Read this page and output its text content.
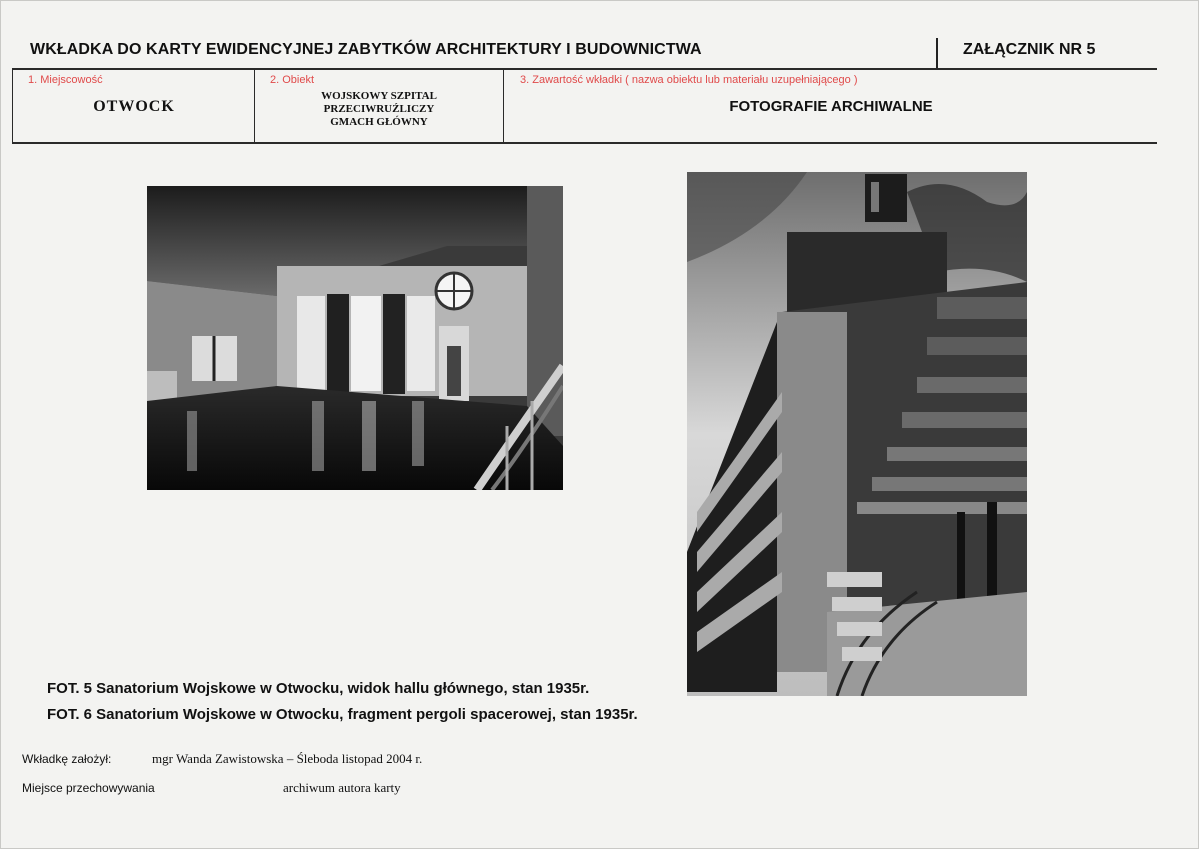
WKŁADKA DO KARTY EWIDENCYJNEJ ZABYTKÓW ARCHITEKTURY I BUDOWNICTWA	ZAŁĄCZNIK NR 5
1. Miejscowość
OTWOCK
2. Obiekt
WOJSKOWY SZPITAL
PRZECIWRUŹLICZY
GMACH GŁÓWNY
3. Zawartość wkładki ( nazwa obiektu lub materiału uzupełniającego )
FOTOGRAFIE ARCHIWALNE
FOT. 5 Sanatorium Wojskowe w Otwocku, widok hallu głównego, stan 1935r.
FOT. 6 Sanatorium Wojskowe w Otwocku, fragment pergoli spacerowej, stan 1935r.
Wkładkę założył:	mgr Wanda Zawistowska – Śleboda listopad 2004 r.
Miejsce przechowywania	archiwum autora karty
